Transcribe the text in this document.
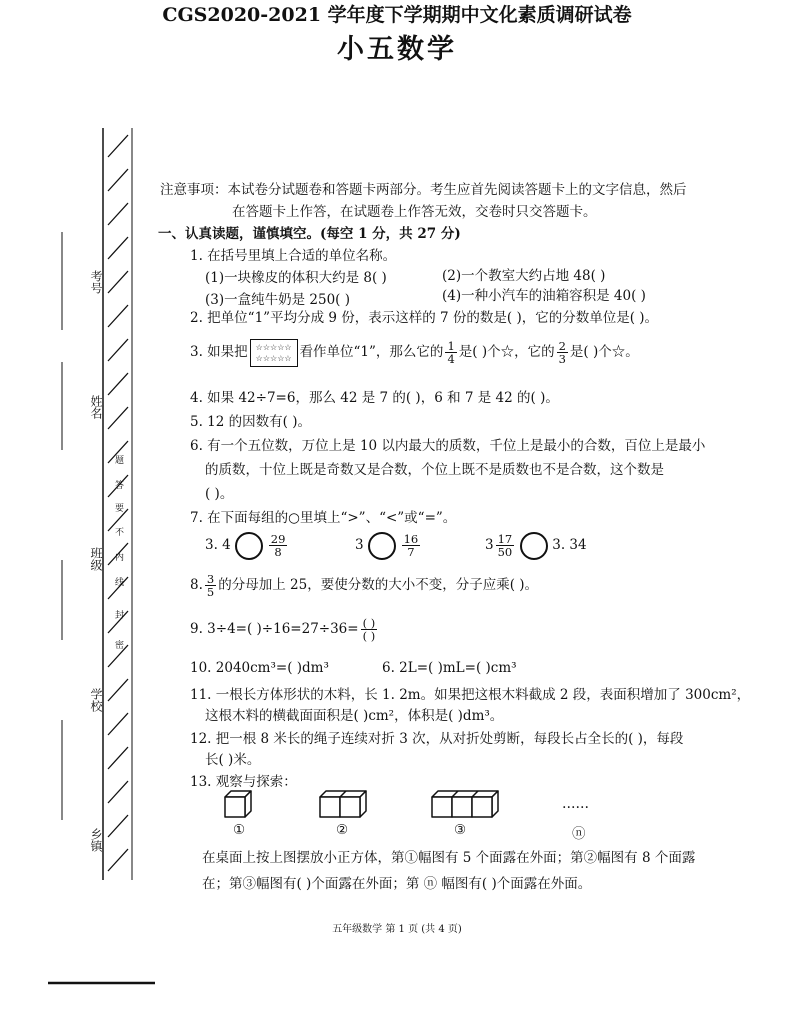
考号
姓名
班级
学校
乡镇
题
答
要
不
内
线
封
密
CGS2020-2021 学年度下学期期中文化素质调研试卷
小五数学
注意事项：本试卷分试题卷和答题卡两部分。考生应首先阅读答题卡上的文字信息，然后
在答题卡上作答，在试题卷上作答无效，交卷时只交答题卡。
一、认真读题，谨慎填空。(每空 1 分，共 27 分)
1. 在括号里填上合适的单位名称。
(1)一块橡皮的体积大约是 8( )	(2)一个教室大约占地 48( )
(3)一盒纯牛奶是 250( )	(4)一种小汽车的油箱容积是 40( )
2. 把单位“1”平均分成 9 份，表示这样的 7 份的数是( )，它的分数单位是( )。
3. 如果把 ☆☆☆☆☆
☆☆☆☆☆ 看作单位“1”，那么它的 $\frac{1}{4}$ 是( )个☆，它的 $\frac{2}{3}$ 是( )个☆。
4. 如果 42÷7=6，那么 42 是 7 的( )，6 和 7 是 42 的( )。
5. 12 的因数有( )。
6. 有一个五位数，万位上是 10 以内最大的质数，千位上是最小的合数，百位上是最小
的质数，十位上既是奇数又是合数，个位上既不是质数也不是合数，这个数是
( )。
7. 在下面每组的○里填上“>”、“<”或“=”。
3. 4	$\frac{29}{8}$	3	$\frac{16}{7}$	$3 \frac{17}{50}$	3. 34
8. $\frac{3}{5}$ 的分母加上 25，要使分数的大小不变，分子应乘( )。
9. 3÷4=( )$\div 16=27\div 36= \frac{( )}{( )}$
10. 2040cm³=( )dm³	6. 2L=( )mL=( )cm³
11. 一根长方体形状的木料，长 1. 2m。如果把这根木料截成 2 段，表面积增加了 300cm²，
这根木料的横截面面积是( )cm²，体积是( )dm³。
12. 把一根 8 米长的绳子连续对折 3 次，从对折处剪断，每段长占全长的( )，每段
长( )米。
13. 观察与探索：
①	②	③	ⓝ
……
在桌面上按上图摆放小正方体，第①幅图有 5 个面露在外面；第②幅图有 8 个面露
在；第③幅图有( )个面露在外面；第 ⓝ 幅图有( )个面露在外面。
五年级数学 第 1 页 (共 4 页)
